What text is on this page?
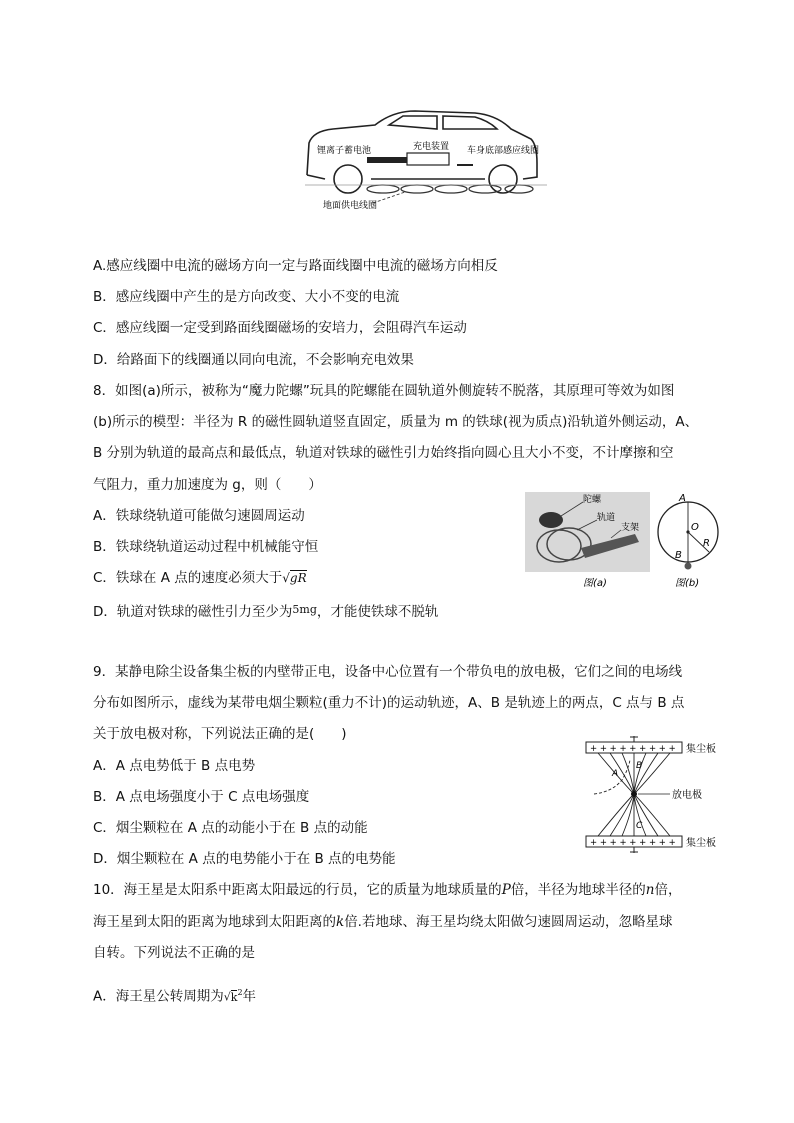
锂离子蓄电池	充电装置 车身底部感应线圈
地面供电线圈
A.感应线圈中电流的磁场方向一定与路面线圈中电流的磁场方向相反
B．感应线圈中产生的是方向改变、大小不变的电流
C．感应线圈一定受到路面线圈磁场的安培力，会阻碍汽车运动
D．给路面下的线圈通以同向电流，不会影响充电效果
8．如图(a)所示，被称为“魔力陀螺”玩具的陀螺能在圆轨道外侧旋转不脱落，其原理可等效为如图
(b)所示的模型：半径为 R 的磁性圆轨道竖直固定，质量为 m 的铁球(视为质点)沿轨道外侧运动，A、
B 分别为轨道的最高点和最低点，轨道对铁球的磁性引力始终指向圆心且大小不变，不计摩擦和空
气阻力，重力加速度为 g，则（　　）
A．铁球绕轨道可能做匀速圆周运动
B．铁球绕轨道运动过程中机械能守恒
C．铁球在 A 点的速度必须大于√gR
D．轨道对铁球的磁性引力至少为$^{5mg}$，才能使铁球不脱轨
陀螺
轨道
支架
图(a)
A
O
B
R
图(b)
9．某静电除尘设备集尘板的内壁带正电，设备中心位置有一个带负电的放电极，它们之间的电场线
分布如图所示，虚线为某带电烟尘颗粒(重力不计)的运动轨迹，A、B 是轨迹上的两点，C 点与 B 点
关于放电极对称，下列说法正确的是(　　)
A．A 点电势低于 B 点电势
B．A 点电场强度小于 C 点电场强度
C．烟尘颗粒在 A 点的动能小于在 B 点的动能
D．烟尘颗粒在 A 点的电势能小于在 B 点的电势能
+ + + + + + + + +
+ + + + + + + + +
集尘板
放电极
集尘板
A
B
C
10．海王星是太阳系中距离太阳最远的行员，它的质量为地球质量的P倍，半径为地球半径的n倍，
海王星到太阳的距离为地球到太阳距离的k倍.若地球、海王星均绕太阳做匀速圆周运动，忽略星球
自转。下列说法不正确的是
A．海王星公转周期为$√k^2$年
